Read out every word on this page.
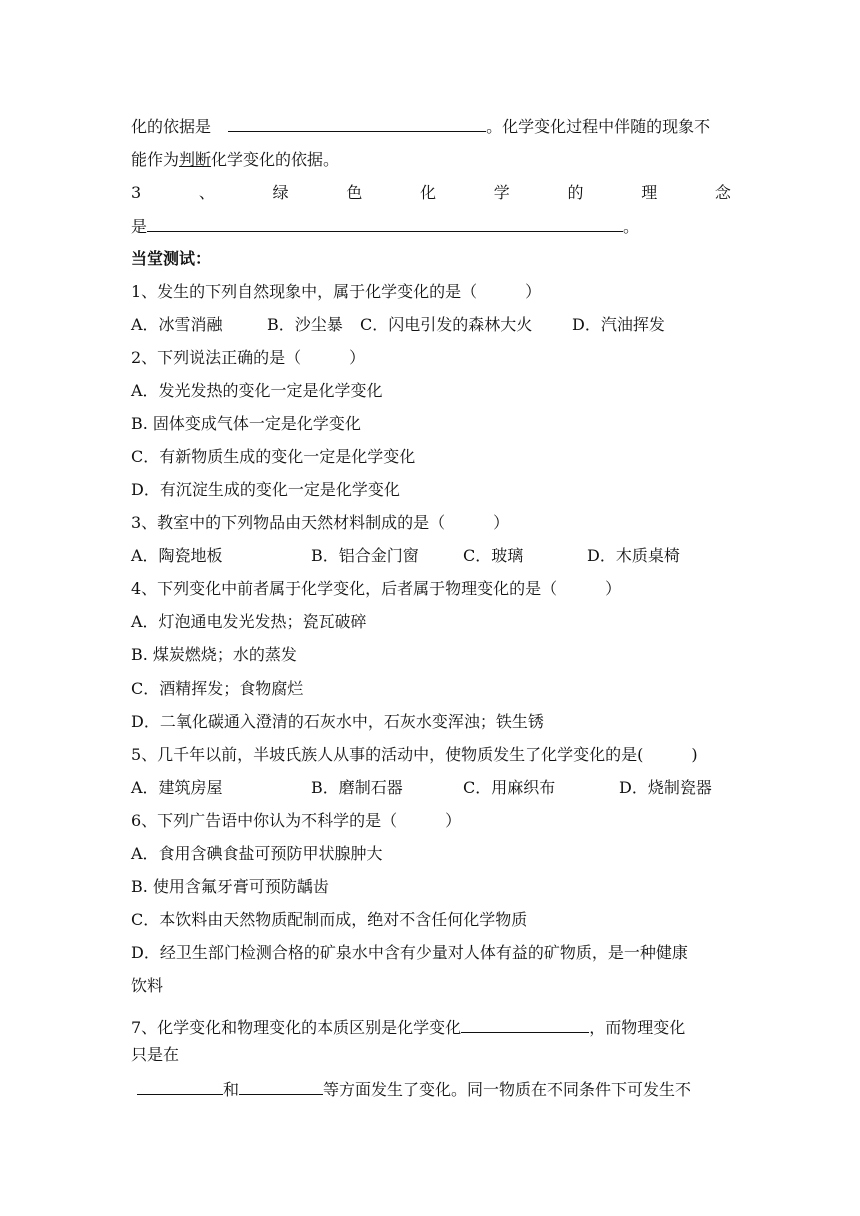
化的依据是	。化学变化过程中伴随的现象不
能作为判断化学变化的依据。
3	、	绿	色	化	学	的	理	念
是	。
当堂测试：
1、发生的下列自然现象中，属于化学变化的是（　　　）
A．冰雪消融	B．沙尘暴	C．闪电引发的森林大火	D．汽油挥发
2、下列说法正确的是（　　　）
A．发光发热的变化一定是化学变化
B. 固体变成气体一定是化学变化
C．有新物质生成的变化一定是化学变化
D．有沉淀生成的变化一定是化学变化
3、教室中的下列物品由天然材料制成的是（　　　）
A．陶瓷地板	B．铝合金门窗	C．玻璃	D．木质桌椅
4、下列变化中前者属于化学变化，后者属于物理变化的是（　　　）
A．灯泡通电发光发热；瓷瓦破碎
B. 煤炭燃烧；水的蒸发
C．酒精挥发；食物腐烂
D．二氧化碳通入澄清的石灰水中，石灰水变浑浊；铁生锈
5、几千年以前，半坡氏族人从事的活动中，使物质发生了化学变化的是(　　　)
A．建筑房屋	B．磨制石器	C．用麻织布	D．烧制瓷器
6、下列广告语中你认为不科学的是（　　　）
A．食用含碘食盐可预防甲状腺肿大
B. 使用含氟牙膏可预防龋齿
C．本饮料由天然物质配制而成，绝对不含任何化学物质
D．经卫生部门检测合格的矿泉水中含有少量对人体有益的矿物质，是一种健康
饮料
7、化学变化和物理变化的本质区别是化学变化	，而物理变化
只是在
和	等方面发生了变化。同一物质在不同条件下可发生不
